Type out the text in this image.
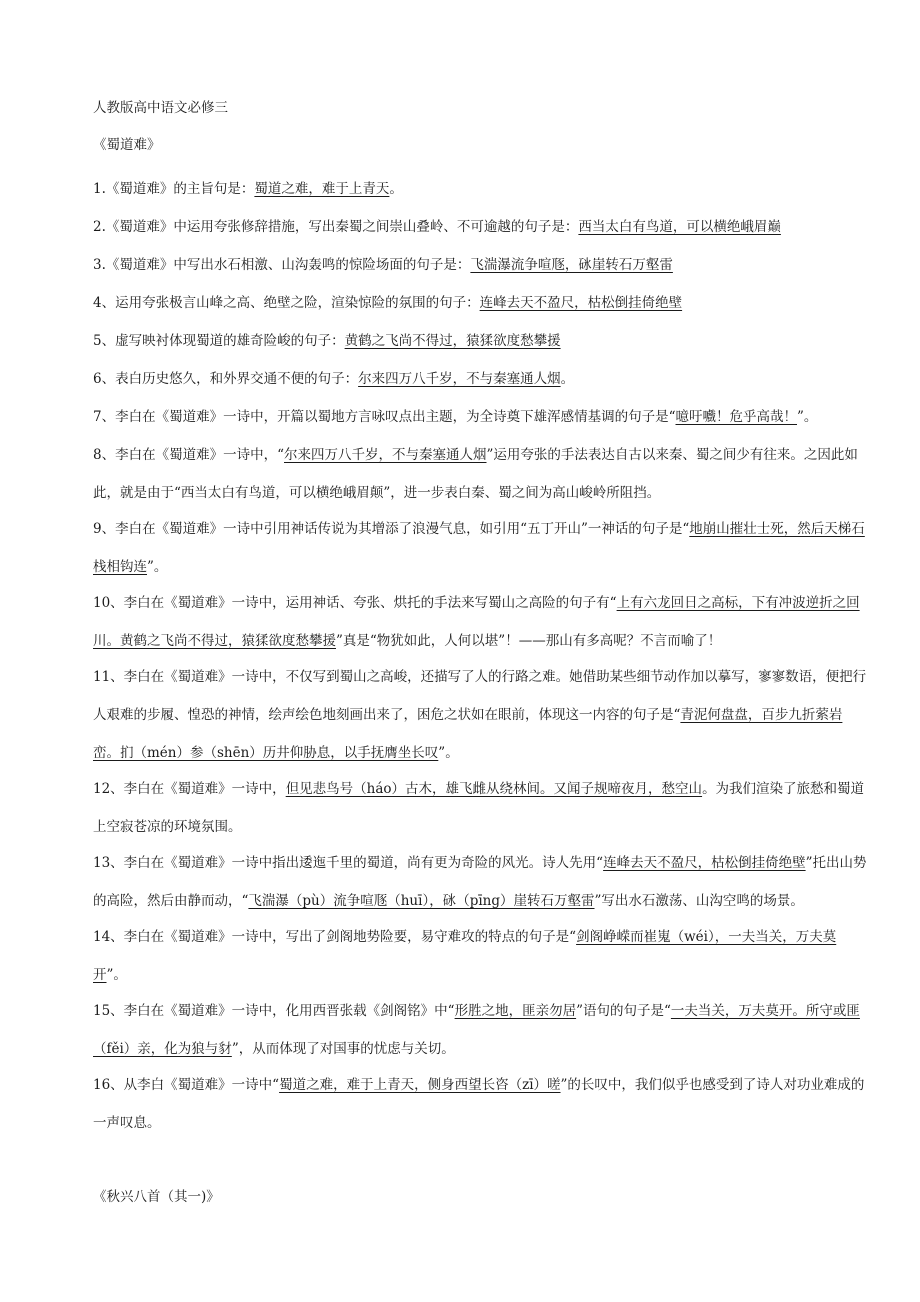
人教版高中语文必修三
《蜀道难》

1.《蜀道难》的主旨句是：蜀道之难，难于上青天。

2.《蜀道难》中运用夸张修辞措施，写出秦蜀之间崇山叠岭、不可逾越的句子是：西当太白有鸟道，可以横绝峨眉巅

3.《蜀道难》中写出水石相激、山沟轰鸣的惊险场面的句子是：飞湍瀑流争喧豗，砯崖转石万壑雷

4、运用夸张极言山峰之高、绝壁之险，渲染惊险的氛围的句子：连峰去天不盈尺，枯松倒挂倚绝壁

5、虚写映衬体现蜀道的雄奇险峻的句子：黄鹤之飞尚不得过，猿猱欲度愁攀援

6、表白历史悠久，和外界交通不便的句子：尔来四万八千岁，不与秦塞通人烟。

7、李白在《蜀道难》一诗中，开篇以蜀地方言咏叹点出主题，为全诗奠下雄浑感情基调的句子是“噫吁嚱！危乎高哉！”。

8、李白在《蜀道难》一诗中，“尔来四万八千岁，不与秦塞通人烟”运用夸张的手法表达自古以来秦、蜀之间少有往来。之因此如此，就是由于“西当太白有鸟道，可以横绝峨眉颠”，进一步表白秦、蜀之间为高山峻岭所阻挡。

9、李白在《蜀道难》一诗中引用神话传说为其增添了浪漫气息，如引用“五丁开山”一神话的句子是“地崩山摧壮士死，然后天梯石栈相钩连”。

10、李白在《蜀道难》一诗中，运用神话、夸张、烘托的手法来写蜀山之高险的句子有“上有六龙回日之高标，下有冲波逆折之回川。黄鹤之飞尚不得过，猿猱欲度愁攀援”真是“物犹如此，人何以堪”！——那山有多高呢？不言而喻了！

11、李白在《蜀道难》一诗中，不仅写到蜀山之高峻，还描写了人的行路之难。她借助某些细节动作加以摹写，寥寥数语，便把行人艰难的步履、惶恐的神情，绘声绘色地刻画出来了，困危之状如在眼前，体现这一内容的句子是“青泥何盘盘，百步九折萦岩峦。扪（mén）参（shēn）历井仰胁息，以手抚膺坐长叹”。

12、李白在《蜀道难》一诗中，但见悲鸟号（háo）古木，雄飞雌从绕林间。又闻子规啼夜月，愁空山。为我们渲染了旅愁和蜀道上空寂苍凉的环境氛围。

13、李白在《蜀道难》一诗中指出逶迤千里的蜀道，尚有更为奇险的风光。诗人先用“连峰去天不盈尺，枯松倒挂倚绝壁”托出山势的高险，然后由静而动，“飞湍瀑（pù）流争喧豗（huī），砯（pīng）崖转石万壑雷”写出水石激荡、山沟空鸣的场景。

14、李白在《蜀道难》一诗中，写出了剑阁地势险要，易守难攻的特点的句子是“剑阁峥嵘而崔嵬（wéi），一夫当关，万夫莫开”。

15、李白在《蜀道难》一诗中，化用西晋张载《剑阁铭》中“形胜之地，匪亲勿居”语句的句子是“一夫当关，万夫莫开。所守或匪（fěi）亲，化为狼与豺”，从而体现了对国事的忧虑与关切。

16、从李白《蜀道难》一诗中“蜀道之难，难于上青天，侧身西望长咨（zī）嗟”的长叹中，我们似乎也感受到了诗人对功业难成的一声叹息。

《秋兴八首（其一)》
